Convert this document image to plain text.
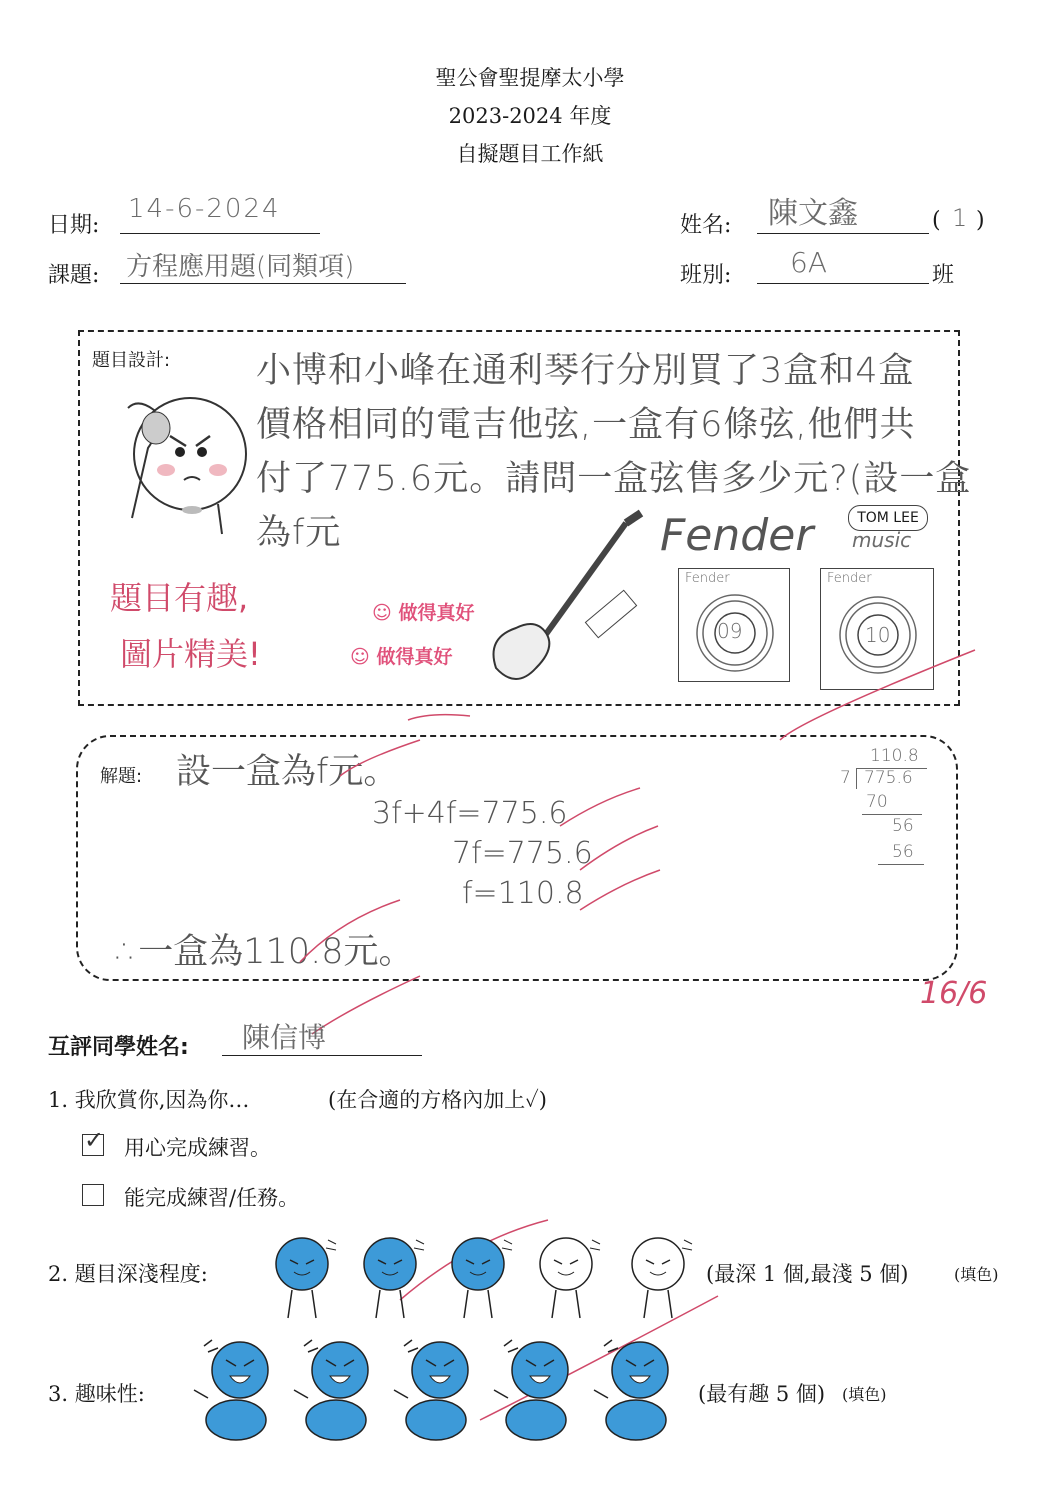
聖公會聖提摩太小學
2023-2024 年度
自擬題目工作紙
日期:
14-6-2024
姓名: 陳文鑫	( 1 )
課題: 方程應用題(同類項)	班別: 6A	班
題目設計: 小博和小峰在通利琴行分別買了3盒和4盒
價格相同的電吉他弦,一盒有6條弦,他們共
付了775.6元。請問一盒弦售多少元?(設一盒
為f元	Fender	TOM LEE
music
題目有趣,
圖片精美!
☺ 做得真好
☺ 做得真好
Fender
09
Fender
10
解題: 設一盒為f元。
3f+4f=775.6
7f=775.6
f=110.8
∴一盒為110.8元。
110.8
7 775.6
70
56
56
16/6
互評同學姓名: 陳信博
1. 我欣賞你,因為你…	(在合適的方格內加上✓)
✓ 用心完成練習。
能完成練習/任務。
2. 題目深淺程度:	(最深 1 個,最淺 5 個)	(填色)
3. 趣味性:	(最有趣 5 個) (填色)
